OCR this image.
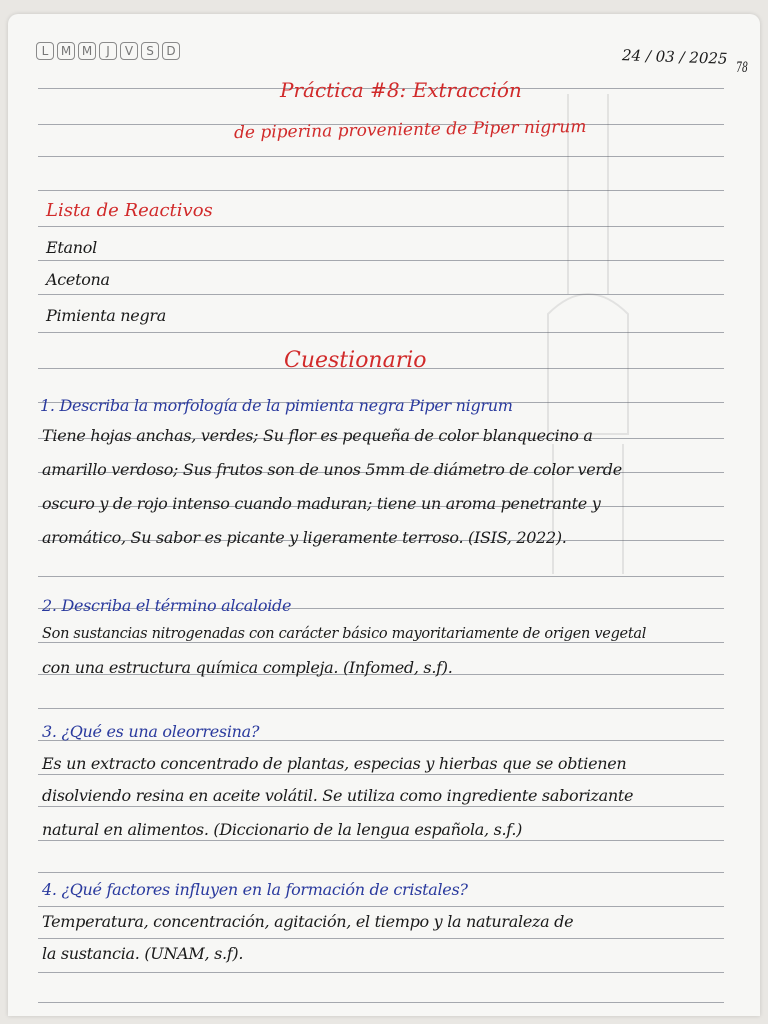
L	M M	J	V	S	D	24 / 03 / 2025
78
Práctica #8: Extracción
de piperina proveniente de Piper nigrum
Lista de Reactivos
Etanol
Acetona
Pimienta negra
Cuestionario
1. Describa la morfología de la pimienta negra Piper nigrum
Tiene hojas anchas, verdes; Su flor es pequeña de color blanquecino a
amarillo verdoso; Sus frutos son de unos 5mm de diámetro de color verde
oscuro y de rojo intenso cuando maduran; tiene un aroma penetrante y
aromático, Su sabor es picante y ligeramente terroso. (ISIS, 2022).
2. Describa el término alcaloide
Son sustancias nitrogenadas con carácter básico mayoritariamente de origen vegetal
con una estructura química compleja. (Infomed, s.f).
3. ¿Qué es una oleorresina?
Es un extracto concentrado de plantas, especias y hierbas que se obtienen
disolviendo resina en aceite volátil. Se utiliza como ingrediente saborizante
natural en alimentos. (Diccionario de la lengua española, s.f.)
4. ¿Qué factores influyen en la formación de cristales?
Temperatura, concentración, agitación, el tiempo y la naturaleza de
la sustancia. (UNAM, s.f).
